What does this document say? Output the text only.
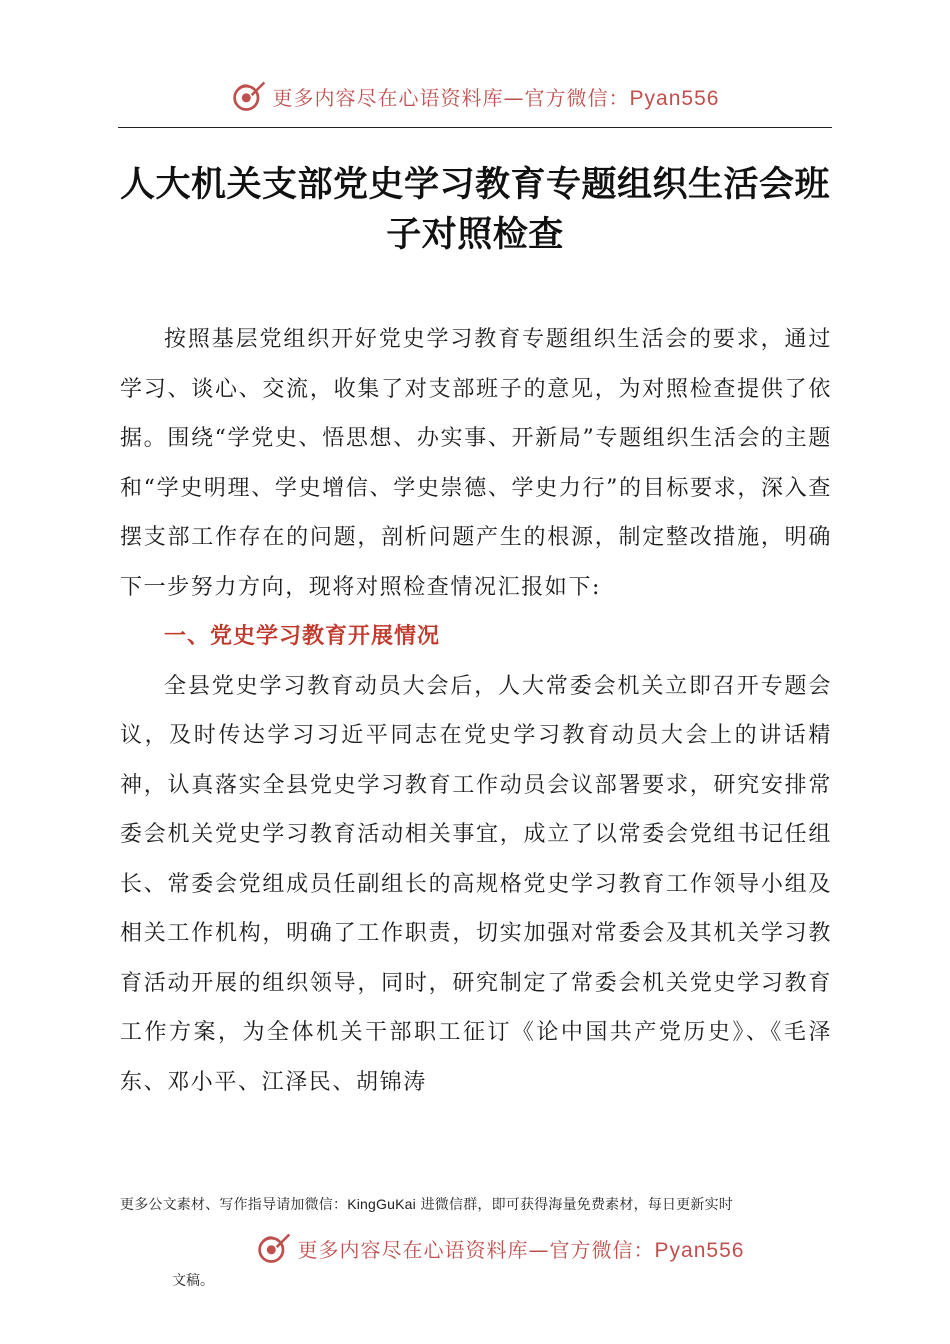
更多内容尽在心语资料库—官方微信：Pyan556
人大机关支部党史学习教育专题组织生活会班子对照检查

按照基层党组织开好党史学习教育专题组织生活会的要求，通过学习、谈心、交流，收集了对支部班子的意见，为对照检查提供了依据。围绕“学党史、悟思想、办实事、开新局”专题组织生活会的主题和“学史明理、学史增信、学史崇德、学史力行”的目标要求，深入查摆支部工作存在的问题，剖析问题产生的根源，制定整改措施，明确下一步努力方向，现将对照检查情况汇报如下:

一、党史学习教育开展情况

全县党史学习教育动员大会后，人大常委会机关立即召开专题会议，及时传达学习习近平同志在党史学习教育动员大会上的讲话精神，认真落实全县党史学习教育工作动员会议部署要求，研究安排常委会机关党史学习教育活动相关事宜，成立了以常委会党组书记任组长、常委会党组成员任副组长的高规格党史学习教育工作领导小组及相关工作机构，明确了工作职责，切实加强对常委会及其机关学习教育活动开展的组织领导，同时，研究制定了常委会机关党史学习教育工作方案，为全体机关干部职工征订《论中国共产党历史》、《毛泽东、邓小平、江泽民、胡锦涛

更多公文素材、写作指导请加微信：KingGuKai 进微信群，即可获得海量免费素材，每日更新实时
更多内容尽在心语资料库—官方微信：Pyan556
文稿。
